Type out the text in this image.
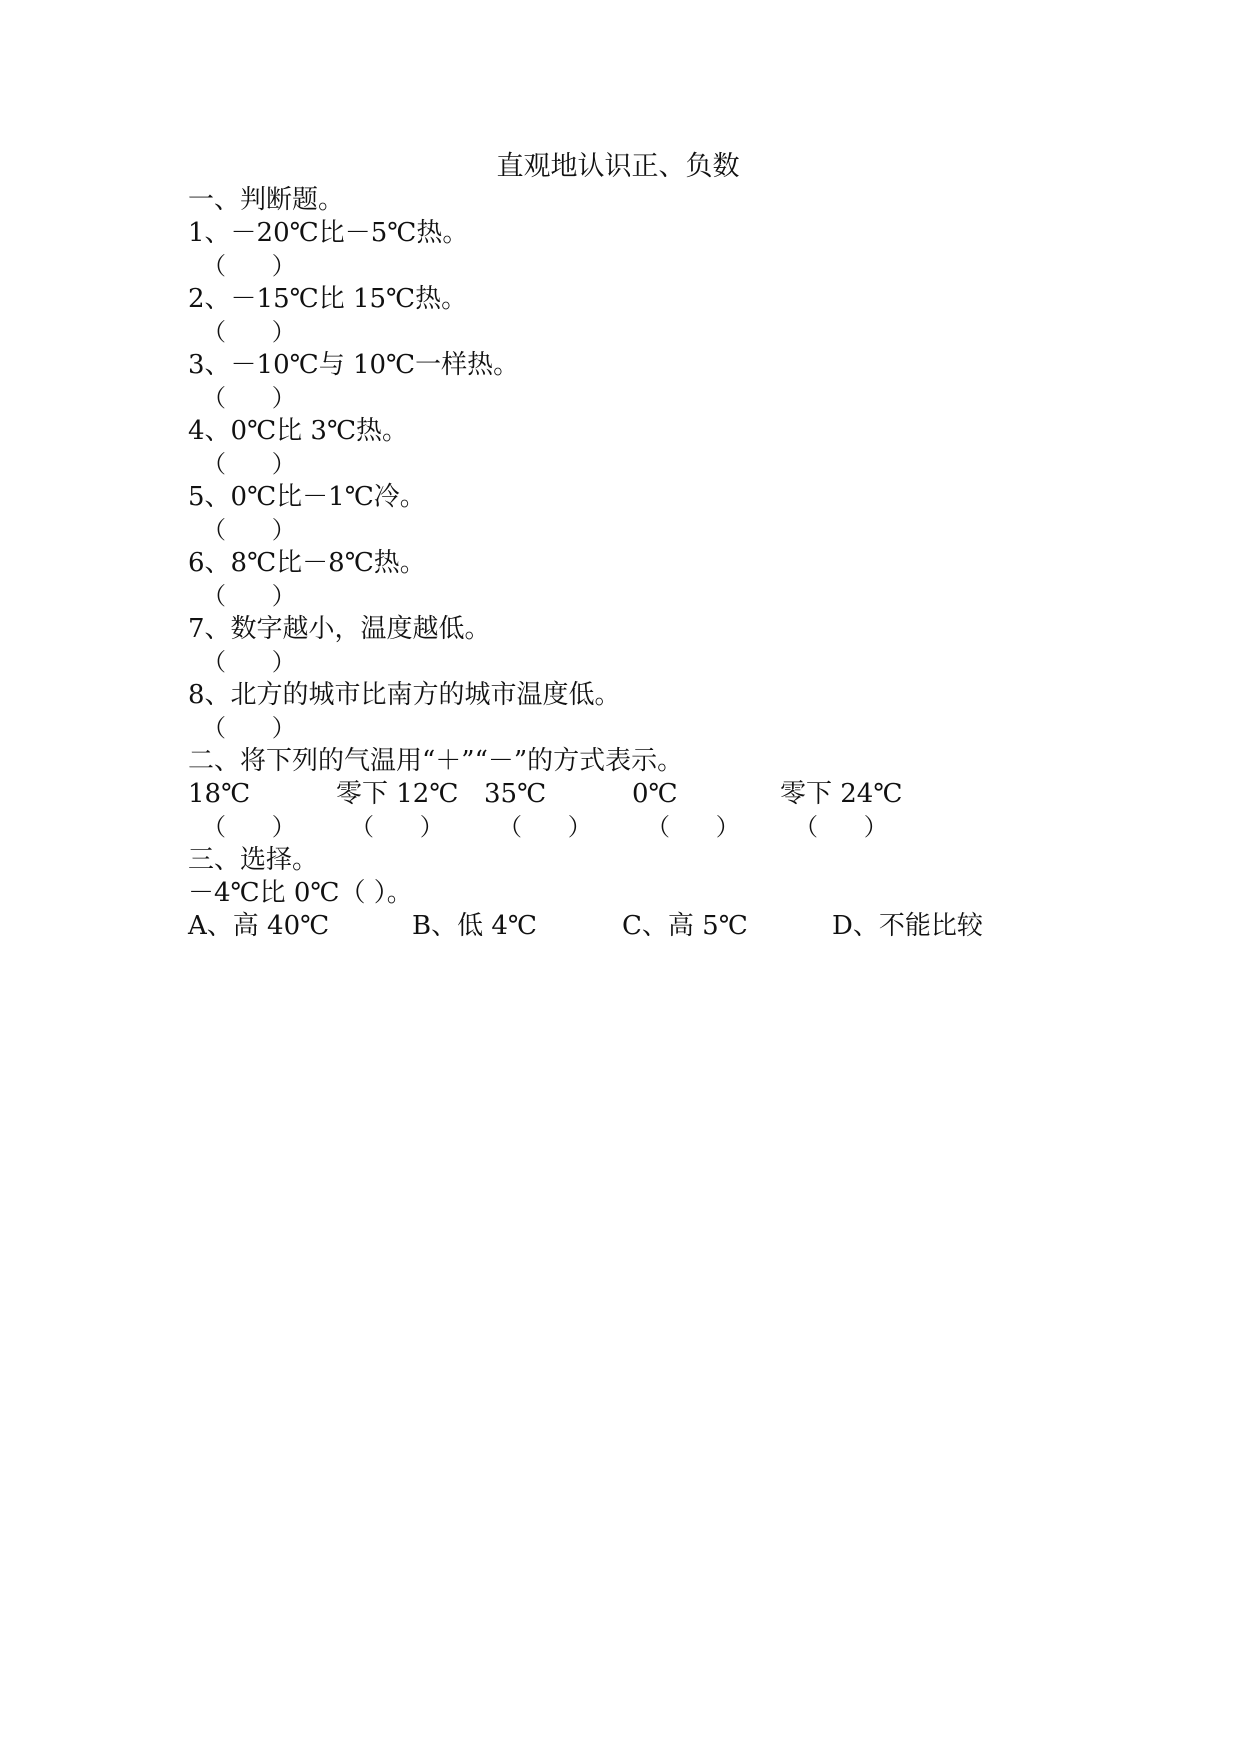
直观地认识正、负数
一、判断题。
1、－20℃比－5℃热。
（      ）
2、－15℃比 15℃热。
（      ）
3、－10℃与 10℃一样热。
（      ）
4、0℃比 3℃热。
（      ）
5、0℃比－1℃冷。
（      ）
6、8℃比－8℃热。
（      ）
7、数字越小，温度越低。
（      ）
8、北方的城市比南方的城市温度低。
（      ）
二、将下列的气温用“＋”“－”的方式表示。
18℃	零下 12℃ 35℃	0℃	零下 24℃
（      ）	（      ）	（      ）	（      ）	（      ）
三、选择。
－4℃比 0℃（ ）。
A、高 40℃	B、低 4℃	C、高 5℃	D、不能比较
